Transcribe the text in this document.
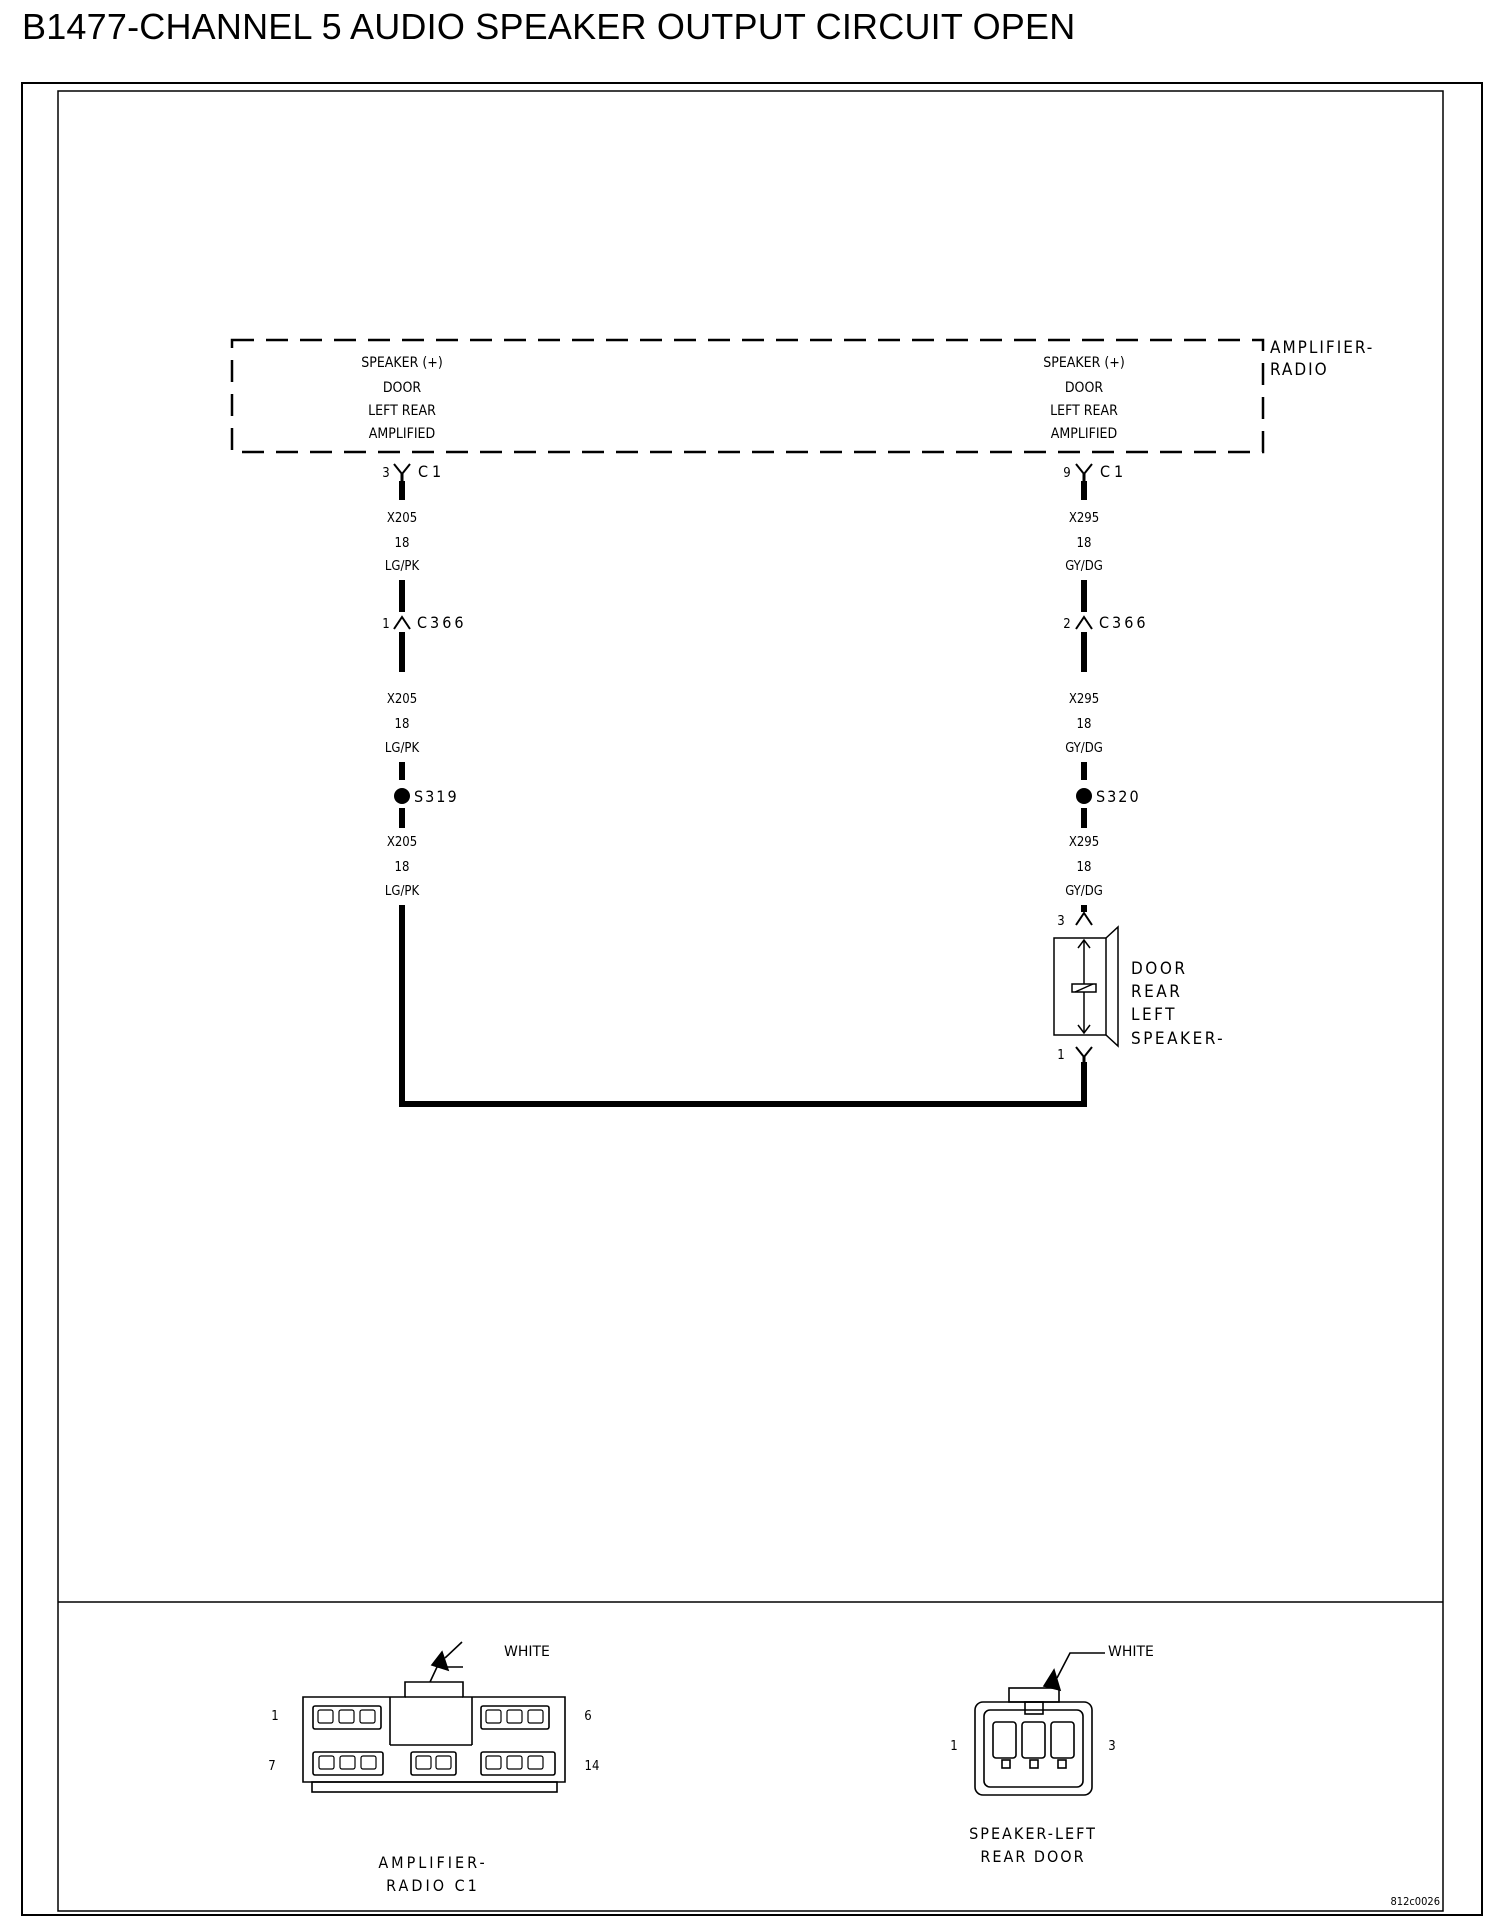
B1477-CHANNEL 5 AUDIO SPEAKER OUTPUT CIRCUIT OPEN
AMPLIFIER-
RADIO
SPEAKER (+)
DOOR
LEFT REAR
AMPLIFIED
SPEAKER (+)
DOOR
LEFT REAR
AMPLIFIED
3 C1
X205
18
LG/PK
1 C366
X205
18
LG/PK
S319
X205
18
LG/PK
9 C1
X295
18
GY/DG
2 C366
X295
18
GY/DG
S320
X295
18
GY/DG
3
DOOR
REAR
LEFT
SPEAKER-
1
WHITE
1	6
7	14
AMPLIFIER-
RADIO C1
WHITE
1	3
SPEAKER-LEFT
REAR DOOR
812c0026
